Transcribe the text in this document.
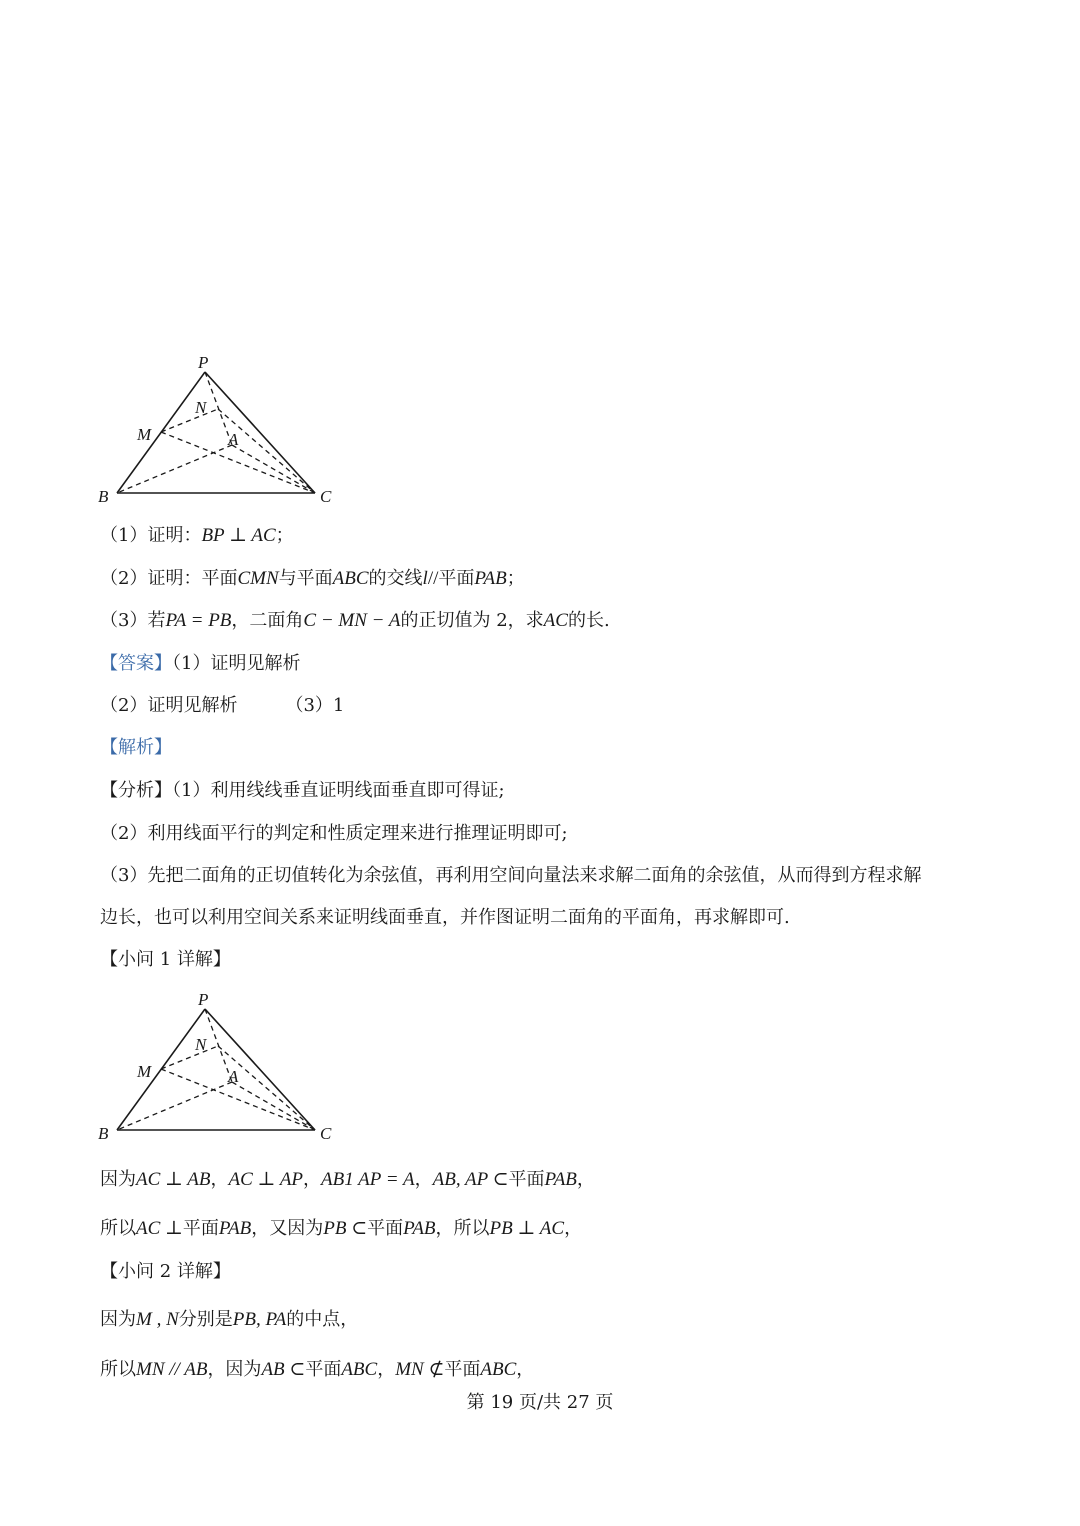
P
N
M	A
B	C
（1）证明：BP ⊥ AC；
（2）证明：平面CMN与平面ABC的交线l//平面PAB；
（3）若PA = PB，二面角C − MN − A的正切值为 2，求AC的长.
【答案】（1）证明见解析
（2）证明见解析	（3）1
【解析】
【分析】（1）利用线线垂直证明线面垂直即可得证;
（2）利用线面平行的判定和性质定理来进行推理证明即可;
（3）先把二面角的正切值转化为余弦值，再利用空间向量法来求解二面角的余弦值，从而得到方程求解
边长，也可以利用空间关系来证明线面垂直，并作图证明二面角的平面角，再求解即可.
【小问 1 详解】
P
N
M	A
B	C
因为AC ⊥ AB，AC ⊥ AP，AB1 AP = A，AB, AP ⊂平面PAB，
所以AC ⊥平面PAB，又因为PB ⊂平面PAB，所以PB ⊥ AC，
【小问 2 详解】
因为M , N分别是PB, PA的中点，
所以MN // AB，因为AB ⊂平面ABC，MN ⊄平面ABC，
第 19 页/共 27 页
